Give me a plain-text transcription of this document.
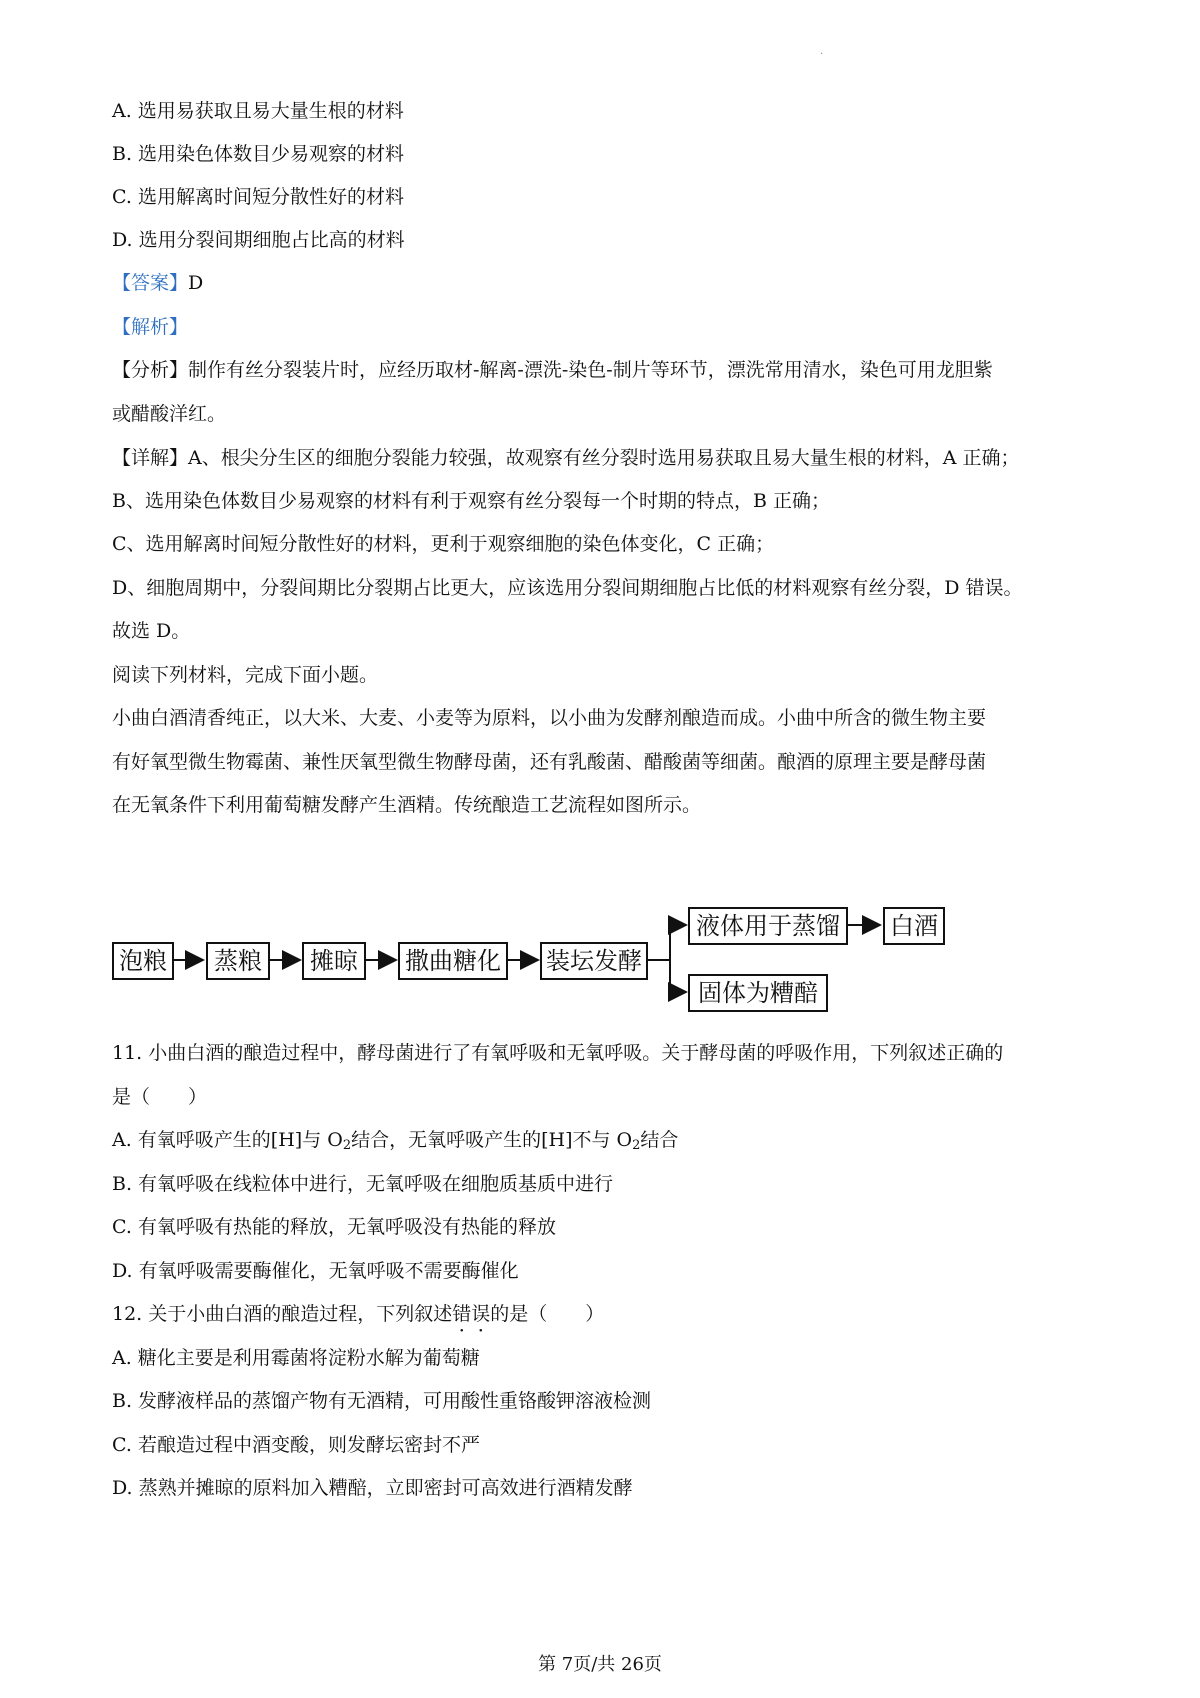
.
A. 选用易获取且易大量生根的材料
B. 选用染色体数目少易观察的材料
C. 选用解离时间短分散性好的材料
D. 选用分裂间期细胞占比高的材料
【答案】D
【解析】
【分析】制作有丝分裂装片时，应经历取材-解离-漂洗-染色-制片等环节，漂洗常用清水，染色可用龙胆紫
或醋酸洋红。
【详解】A、根尖分生区的细胞分裂能力较强，故观察有丝分裂时选用易获取且易大量生根的材料，A 正确；
B、选用染色体数目少易观察的材料有利于观察有丝分裂每一个时期的特点，B 正确；
C、选用解离时间短分散性好的材料，更利于观察细胞的染色体变化，C 正确；
D、细胞周期中，分裂间期比分裂期占比更大，应该选用分裂间期细胞占比低的材料观察有丝分裂，D 错误。
故选 D。
阅读下列材料，完成下面小题。
小曲白酒清香纯正，以大米、大麦、小麦等为原料，以小曲为发酵剂酿造而成。小曲中所含的微生物主要
有好氧型微生物霉菌、兼性厌氧型微生物酵母菌，还有乳酸菌、醋酸菌等细菌。酿酒的原理主要是酵母菌
在无氧条件下利用葡萄糖发酵产生酒精。传统酿造工艺流程如图所示。
泡粮	蒸粮	摊晾	撒曲糖化 装坛发酵
液体用于蒸馏	白酒
固体为糟醅
11. 小曲白酒的酿造过程中，酵母菌进行了有氧呼吸和无氧呼吸。关于酵母菌的呼吸作用，下列叙述正确的
是（　　）
A. 有氧呼吸产生的[H]与 $O_2$结合，无氧呼吸产生的[H]不与 $O_2$结合
B. 有氧呼吸在线粒体中进行，无氧呼吸在细胞质基质中进行
C. 有氧呼吸有热能的释放，无氧呼吸没有热能的释放
D. 有氧呼吸需要酶催化，无氧呼吸不需要酶催化
12. 关于小曲白酒的酿造过程，下列叙述错误的是（　　）
A. 糖化主要是利用霉菌将淀粉水解为葡萄糖
B. 发酵液样品的蒸馏产物有无酒精，可用酸性重铬酸钾溶液检测
C. 若酿造过程中酒变酸，则发酵坛密封不严
D. 蒸熟并摊晾的原料加入糟醅，立即密封可高效进行酒精发酵
第 7页/共 26页
